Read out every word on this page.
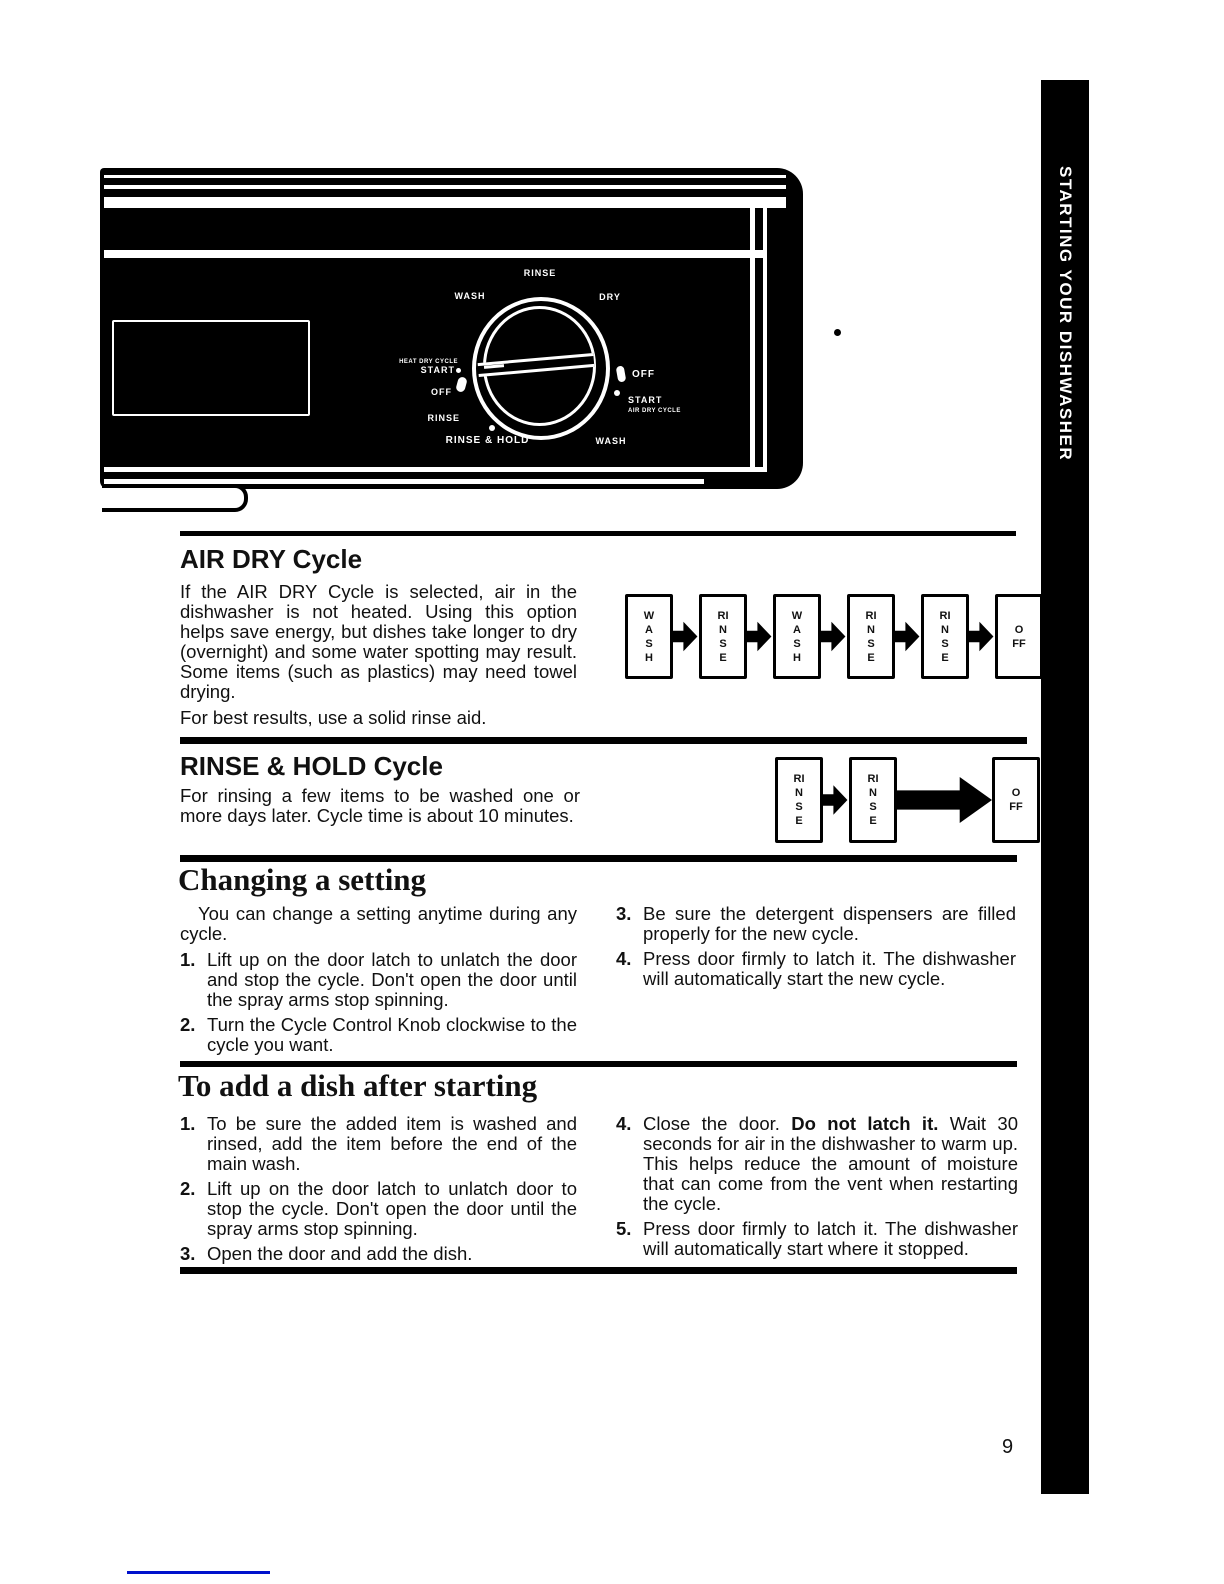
RINSE
WASH	DRY
HEAT DRY CYCLE
START
OFF
RINSE
RINSE & HOLD
OFF
START
AIR DRY CYCLE
WASH	STARTING YOUR DISHWASHER
AIR DRY Cycle

If the AIR DRY Cycle is selected, air in the dishwasher is not heated. Using this option helps save energy, but dishes take longer to dry (overnight) and some water spotting may result. Some items (such as plastics) may need towel drying.

For best results, use a solid rinse aid.

WASH
RINSE
WASH
RINSE
RINSE
OFF
RINSE & HOLD Cycle

For rinsing a few items to be washed one or more days later. Cycle time is about 10 minutes.

RINSE
RINSE
OFF
Changing a setting

You can change a setting anytime during any cycle.

1. Lift up on the door latch to unlatch the door and stop the cycle. Don't open the door until the spray arms stop spinning.
2. Turn the Cycle Control Knob clockwise to the cycle you want.
3. Be sure the detergent dispensers are filled properly for the new cycle.
4. Press door firmly to latch it. The dishwasher will automatically start the new cycle.
To add a dish after starting
1. To be sure the added item is washed and rinsed, add the item before the end of the main wash.
2. Lift up on the door latch to unlatch door to stop the cycle. Don't open the door until the spray arms stop spinning.
3. Open the door and add the dish.
4. Close the door. Do not latch it. Wait 30 seconds for air in the dishwasher to warm up. This helps reduce the amount of moisture that can come from the vent when restarting the cycle.
5. Press door firmly to latch it. The dishwasher will automatically start where it stopped.
9
